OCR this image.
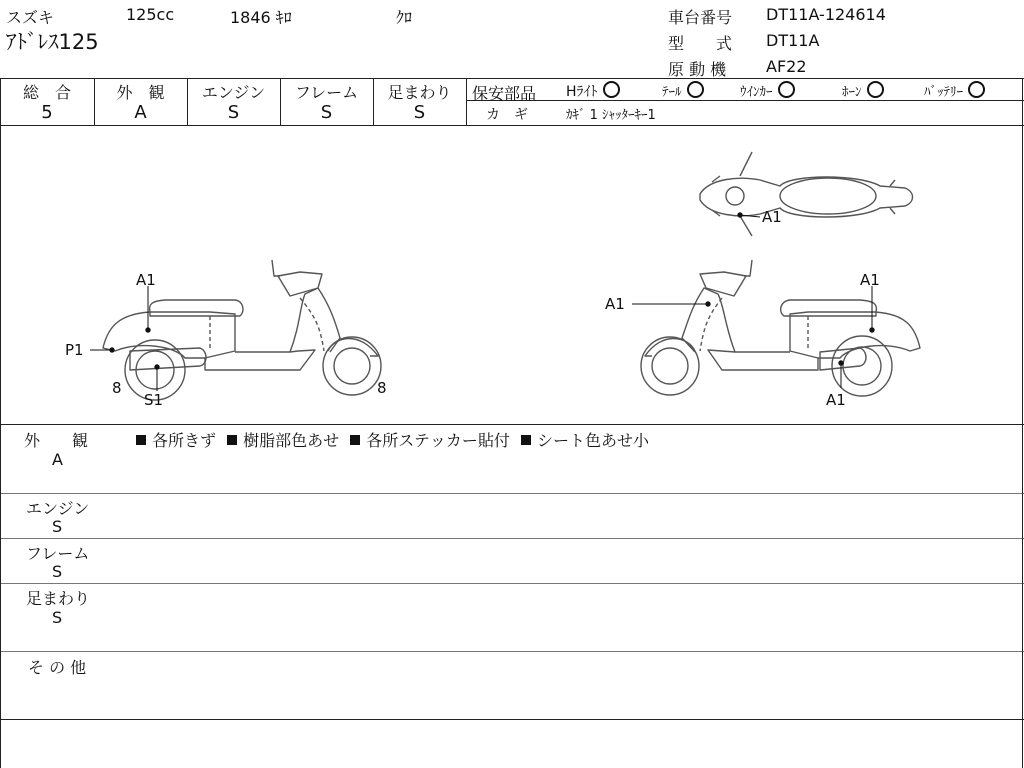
スズキ	125cc	1846 ｷﾛ	ｸﾛ
ｱﾄﾞﾚｽ125
車台番号 DT11A-124614
型　　式 DT11A
原 動 機 AF22
総　合	外　観	エンジン	フレーム	足まわり
5	A	S	S	S
保安部品 Hﾗｲﾄ	ﾃｰﾙ	ｳｲﾝｶｰ	ﾎｰﾝ	ﾊﾞｯﾃﾘｰ
カ　ギ	ｶｷﾞ 1 ｼｬｯﾀｰｷｰ1
A1
P1
8
S1
8
A1
A1
A1
A1
外　　観
A
各所きず 樹脂部色あせ 各所ステッカー貼付 シート色あせ小
エンジン
S
フレーム
S
足まわり
S
そ の 他
